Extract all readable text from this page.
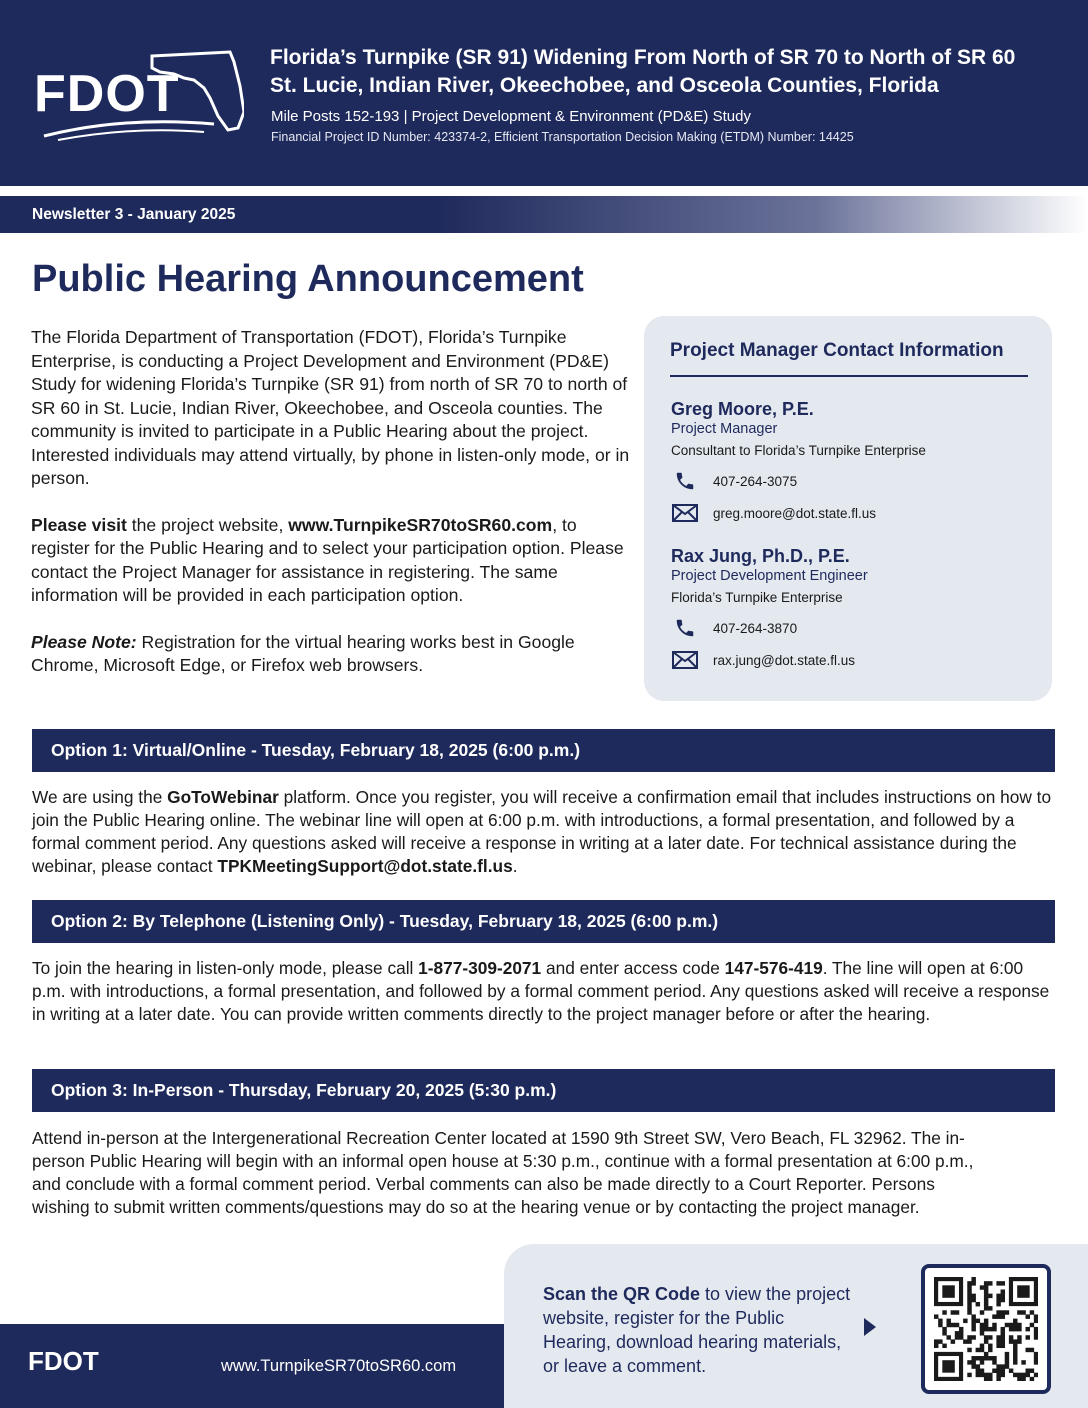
FDOT
Florida’s Turnpike (SR 91) Widening From North of SR 70 to North of SR 60
St. Lucie, Indian River, Okeechobee, and Osceola Counties, Florida
Mile Posts 152-193 | Project Development & Environment (PD&E) Study
Financial Project ID Number: 423374-2, Efficient Transportation Decision Making (ETDM) Number: 14425
Newsletter 3 - January 2025
Public Hearing Announcement

The Florida Department of Transportation (FDOT), Florida’s Turnpike Enterprise, is conducting a Project Development and Environment (PD&E) Study for widening Florida’s Turnpike (SR 91) from north of SR 70 to north of SR 60 in St. Lucie, Indian River, Okeechobee, and Osceola counties. The community is invited to participate in a Public Hearing about the project. Interested individuals may attend virtually, by phone in listen-only mode, or in person.

Please visit the project website, www.TurnpikeSR70toSR60.com, to register for the Public Hearing and to select your participation option. Please contact the Project Manager for assistance in registering. The same information will be provided in each participation option.

Please Note: Registration for the virtual hearing works best in Google Chrome, Microsoft Edge, or Firefox web browsers.

Project Manager Contact Information
Greg Moore, P.E.
Project Manager
Consultant to Florida’s Turnpike Enterprise
407-264-3075
greg.moore@dot.state.fl.us
Rax Jung, Ph.D., P.E.
Project Development Engineer
Florida’s Turnpike Enterprise
407-264-3870
rax.jung@dot.state.fl.us
Option 1: Virtual/Online - Tuesday, February 18, 2025 (6:00 p.m.)
We are using the GoToWebinar platform. Once you register, you will receive a confirmation email that includes instructions on how to join the Public Hearing online. The webinar line will open at 6:00 p.m. with introductions, a formal presentation, and followed by a formal comment period. Any questions asked will receive a response in writing at a later date. For technical assistance during the webinar, please contact TPKMeetingSupport@dot.state.fl.us.
Option 2: By Telephone (Listening Only) - Tuesday, February 18, 2025 (6:00 p.m.)
To join the hearing in listen-only mode, please call 1-877-309-2071 and enter access code 147-576-419. The line will open at 6:00 p.m. with introductions, a formal presentation, and followed by a formal comment period. Any questions asked will receive a response in writing at a later date. You can provide written comments directly to the project manager before or after the hearing.
Option 3: In-Person - Thursday, February 20, 2025 (5:30 p.m.)
Attend in-person at the Intergenerational Recreation Center located at 1590 9th Street SW, Vero Beach, FL 32962. The in-person Public Hearing will begin with an informal open house at 5:30 p.m., continue with a formal presentation at 6:00 p.m., and conclude with a formal comment period. Verbal comments can also be made directly to a Court Reporter. Persons wishing to submit written comments/questions may do so at the hearing venue or by contacting the project manager.
FDOT	www.TurnpikeSR70toSR60.com
Scan the QR Code to view the project website, register for the Public Hearing, download hearing materials, or leave a comment.
